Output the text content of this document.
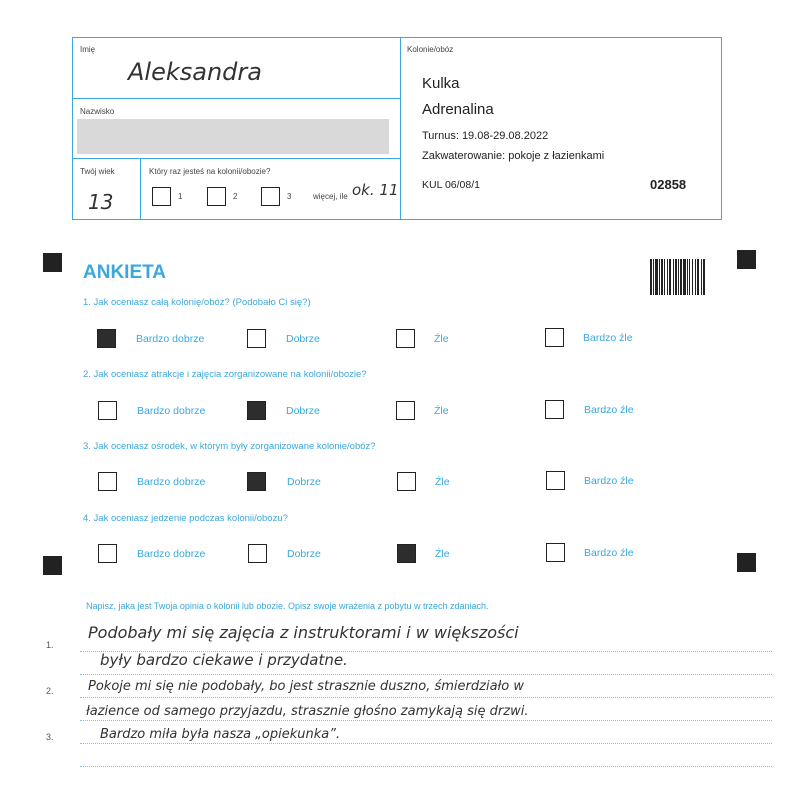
Imię
Aleksandra
Nazwisko
Twój wiek
13
Który raz jesteś na kolonii/obozie?
1	2	3	więcej, ile ok. 11
Kolonie/obóz
Kulka
Adrenalina
Turnus: 19.08-29.08.2022
Zakwaterowanie: pokoje z łazienkami
KUL 06/08/1	02858
ANKIETA
1. Jak oceniasz całą kolonię/obóz? (Podobało Ci się?)
Bardzo dobrze	Dobrze	Źle	Bardzo źle
2. Jak oceniasz atrakcje i zajęcia zorganizowane na kolonii/obozie?
Bardzo dobrze	Dobrze	Źle	Bardzo źle
3. Jak oceniasz ośrodek, w którym były zorganizowane kolonie/obóz?
Bardzo dobrze	Dobrze	Źle	Bardzo źle
4. Jak oceniasz jedzenie podczas kolonii/obozu?
Bardzo dobrze	Dobrze	Źle	Bardzo źle
Napisz, jaka jest Twoja opinia o kolonii lub obozie. Opisz swoje wrażenia z pobytu w trzech zdaniach.
1.
2.
3.
Podobały mi się zajęcia z instruktorami i w większości
były bardzo ciekawe i przydatne.
Pokoje mi się nie podobały, bo jest strasznie duszno, śmierdziało w
łazience od samego przyjazdu, strasznie głośno zamykają się drzwi.
Bardzo miła była nasza „opiekunka”.
